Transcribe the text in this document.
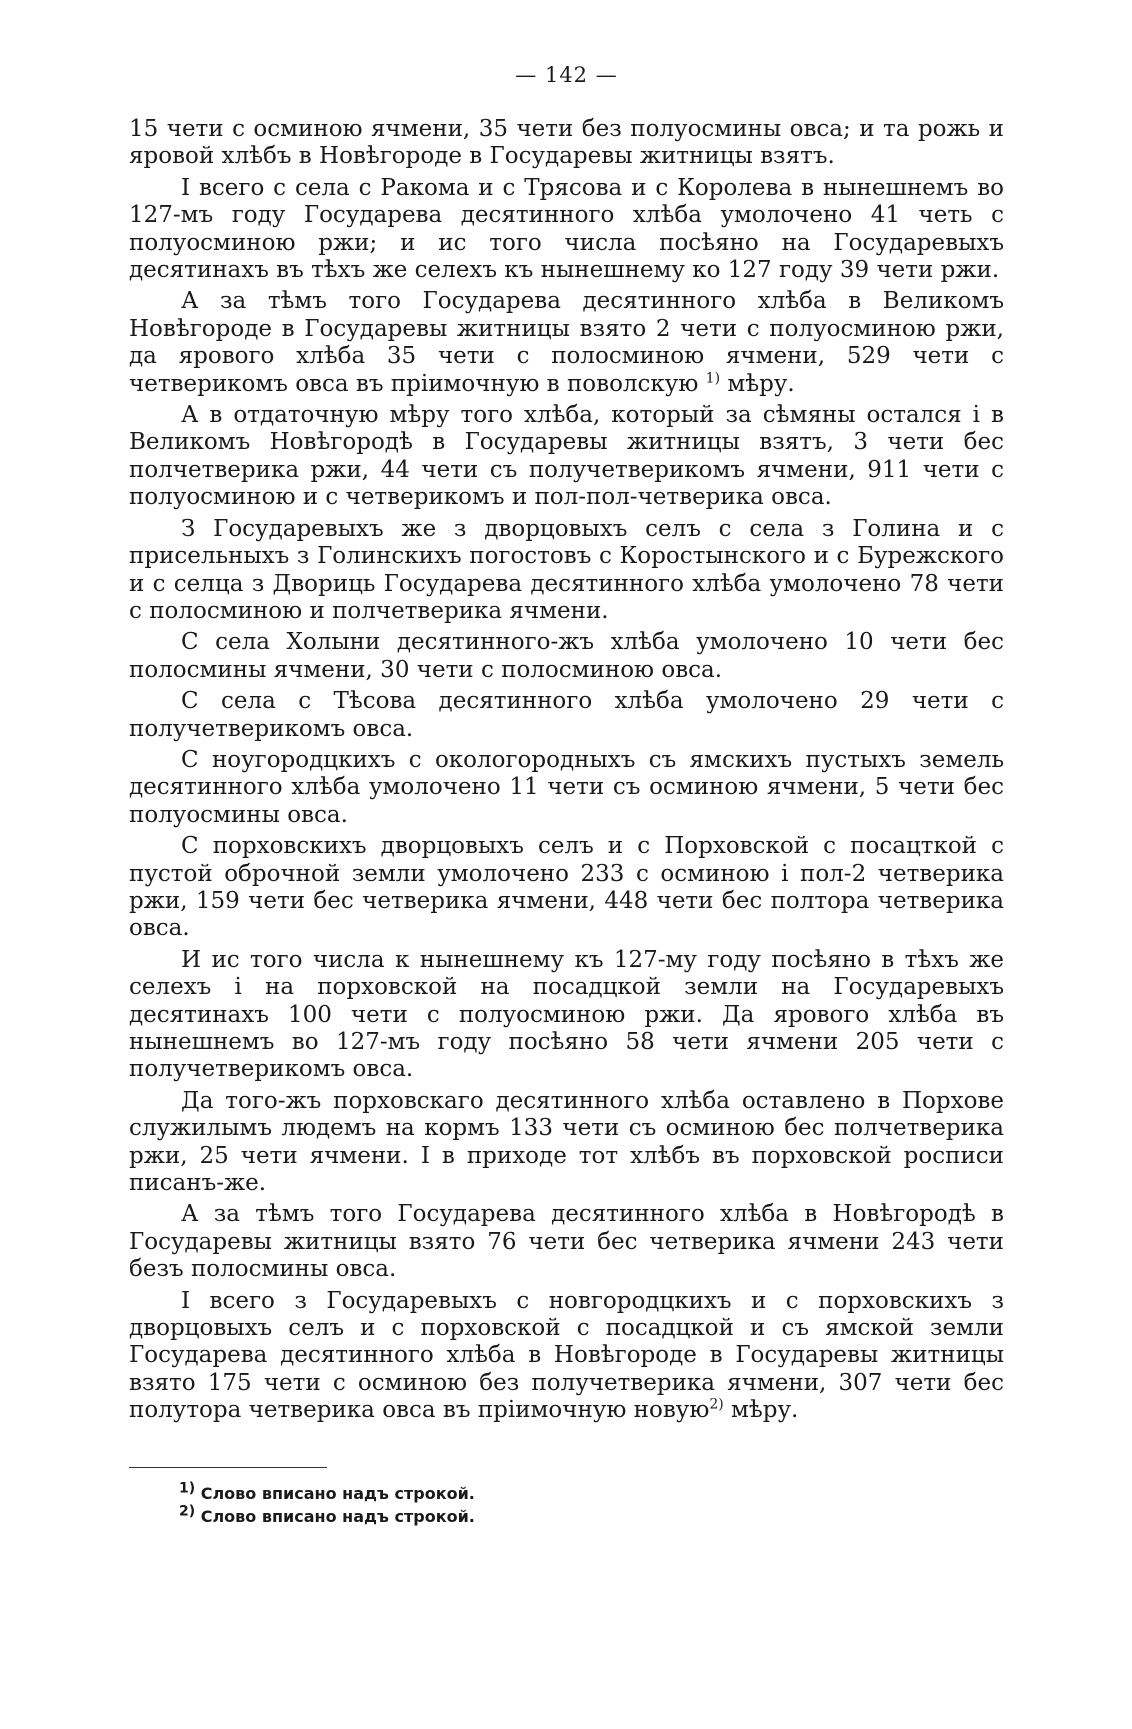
— 142 —

15 чети с осминою ячмени, 35 чети без полуосмины овса; и та рожь и яровой хлѣбъ в Новѣгороде в Государевы житницы взятъ.

I всего с села с Ракома и с Трясова и с Королева в нынешнемъ во 127-мъ году Государева десятинного хлѣба умолочено 41 четь с полуосминою ржи; и ис того числа посѣяно на Государевыхъ десятинахъ въ тѣхъ же селехъ къ нынешнему ко 127 году 39 чети ржи.

А за тѣмъ того Государева десятинного хлѣба в Великомъ Новѣгороде в Государевы житницы взято 2 чети с полуосминою ржи, да ярового хлѣба 35 чети с полосминою ячмени, 529 чети с четверикомъ овса въ прiимочную в поволскую $^{1)}$ мѣру.

А в отдаточную мѣру того хлѣба, который за сѣмяны остался i в Великомъ Новѣгородѣ в Государевы житницы взятъ, 3 чети бес полчетверика ржи, 44 чети съ получетверикомъ ячмени, 911 чети с полуосминою и с четверикомъ и пол-пол-четверика овса.

З Государевыхъ же з дворцовыхъ селъ с села з Голина и с присельныхъ з Голинскихъ погостовъ с Коростынского и с Бурежского и с селца з Двориць Государева десятинного хлѣба умолочено 78 чети с полосминою и полчетверика ячмени.

С села Холыни десятинного-жъ хлѣба умолочено 10 чети бес полосмины ячмени, 30 чети с полосминою овса.

С села с Тѣсова десятинного хлѣба умолочено 29 чети с получетверикомъ овса.

С ноугородцкихъ с окологородныхъ съ ямскихъ пустыхъ земель десятинного хлѣба умолочено 11 чети съ осминою ячмени, 5 чети бес полуосмины овса.

С порховскихъ дворцовыхъ селъ и с Порховской с посацткой с пустой оброчной земли умолочено 233 с осминою i пол-2 четверика ржи, 159 чети бес четверика ячмени, 448 чети бес полтора четверика овса.

И ис того числа к нынешнему къ 127-му году посѣяно в тѣхъ же селехъ i на порховской на посадцкой земли на Государевыхъ десятинахъ 100 чети с полуосминою ржи. Да ярового хлѣба въ нынешнемъ во 127-мъ году посѣяно 58 чети ячмени 205 чети с получетверикомъ овса.

Да того-жъ порховскаго десятинного хлѣба оставлено в Порхове служилымъ людемъ на кормъ 133 чети съ осминою бес полчетверика ржи, 25 чети ячмени. I в приходе тот хлѣбъ въ порховской росписи писанъ-же.

А за тѣмъ того Государева десятинного хлѣба в Новѣгородѣ в Государевы житницы взято 76 чети бес четверика ячмени 243 чети безъ полосмины овса.

I всего з Государевыхъ с новгородцкихъ и с порховскихъ з дворцовыхъ селъ и с порховской с посадцкой и съ ямской земли Государева десятинного хлѣба в Новѣгороде в Государевы житницы взято 175 чети с осминою без получетверика ячмени, 307 чети бес полутора четверика овса въ прiимочную новую$^{2)}$ мѣру.

$^{1)}$ Слово вписано надъ строкой.

$^{2)}$ Слово вписано надъ строкой.
